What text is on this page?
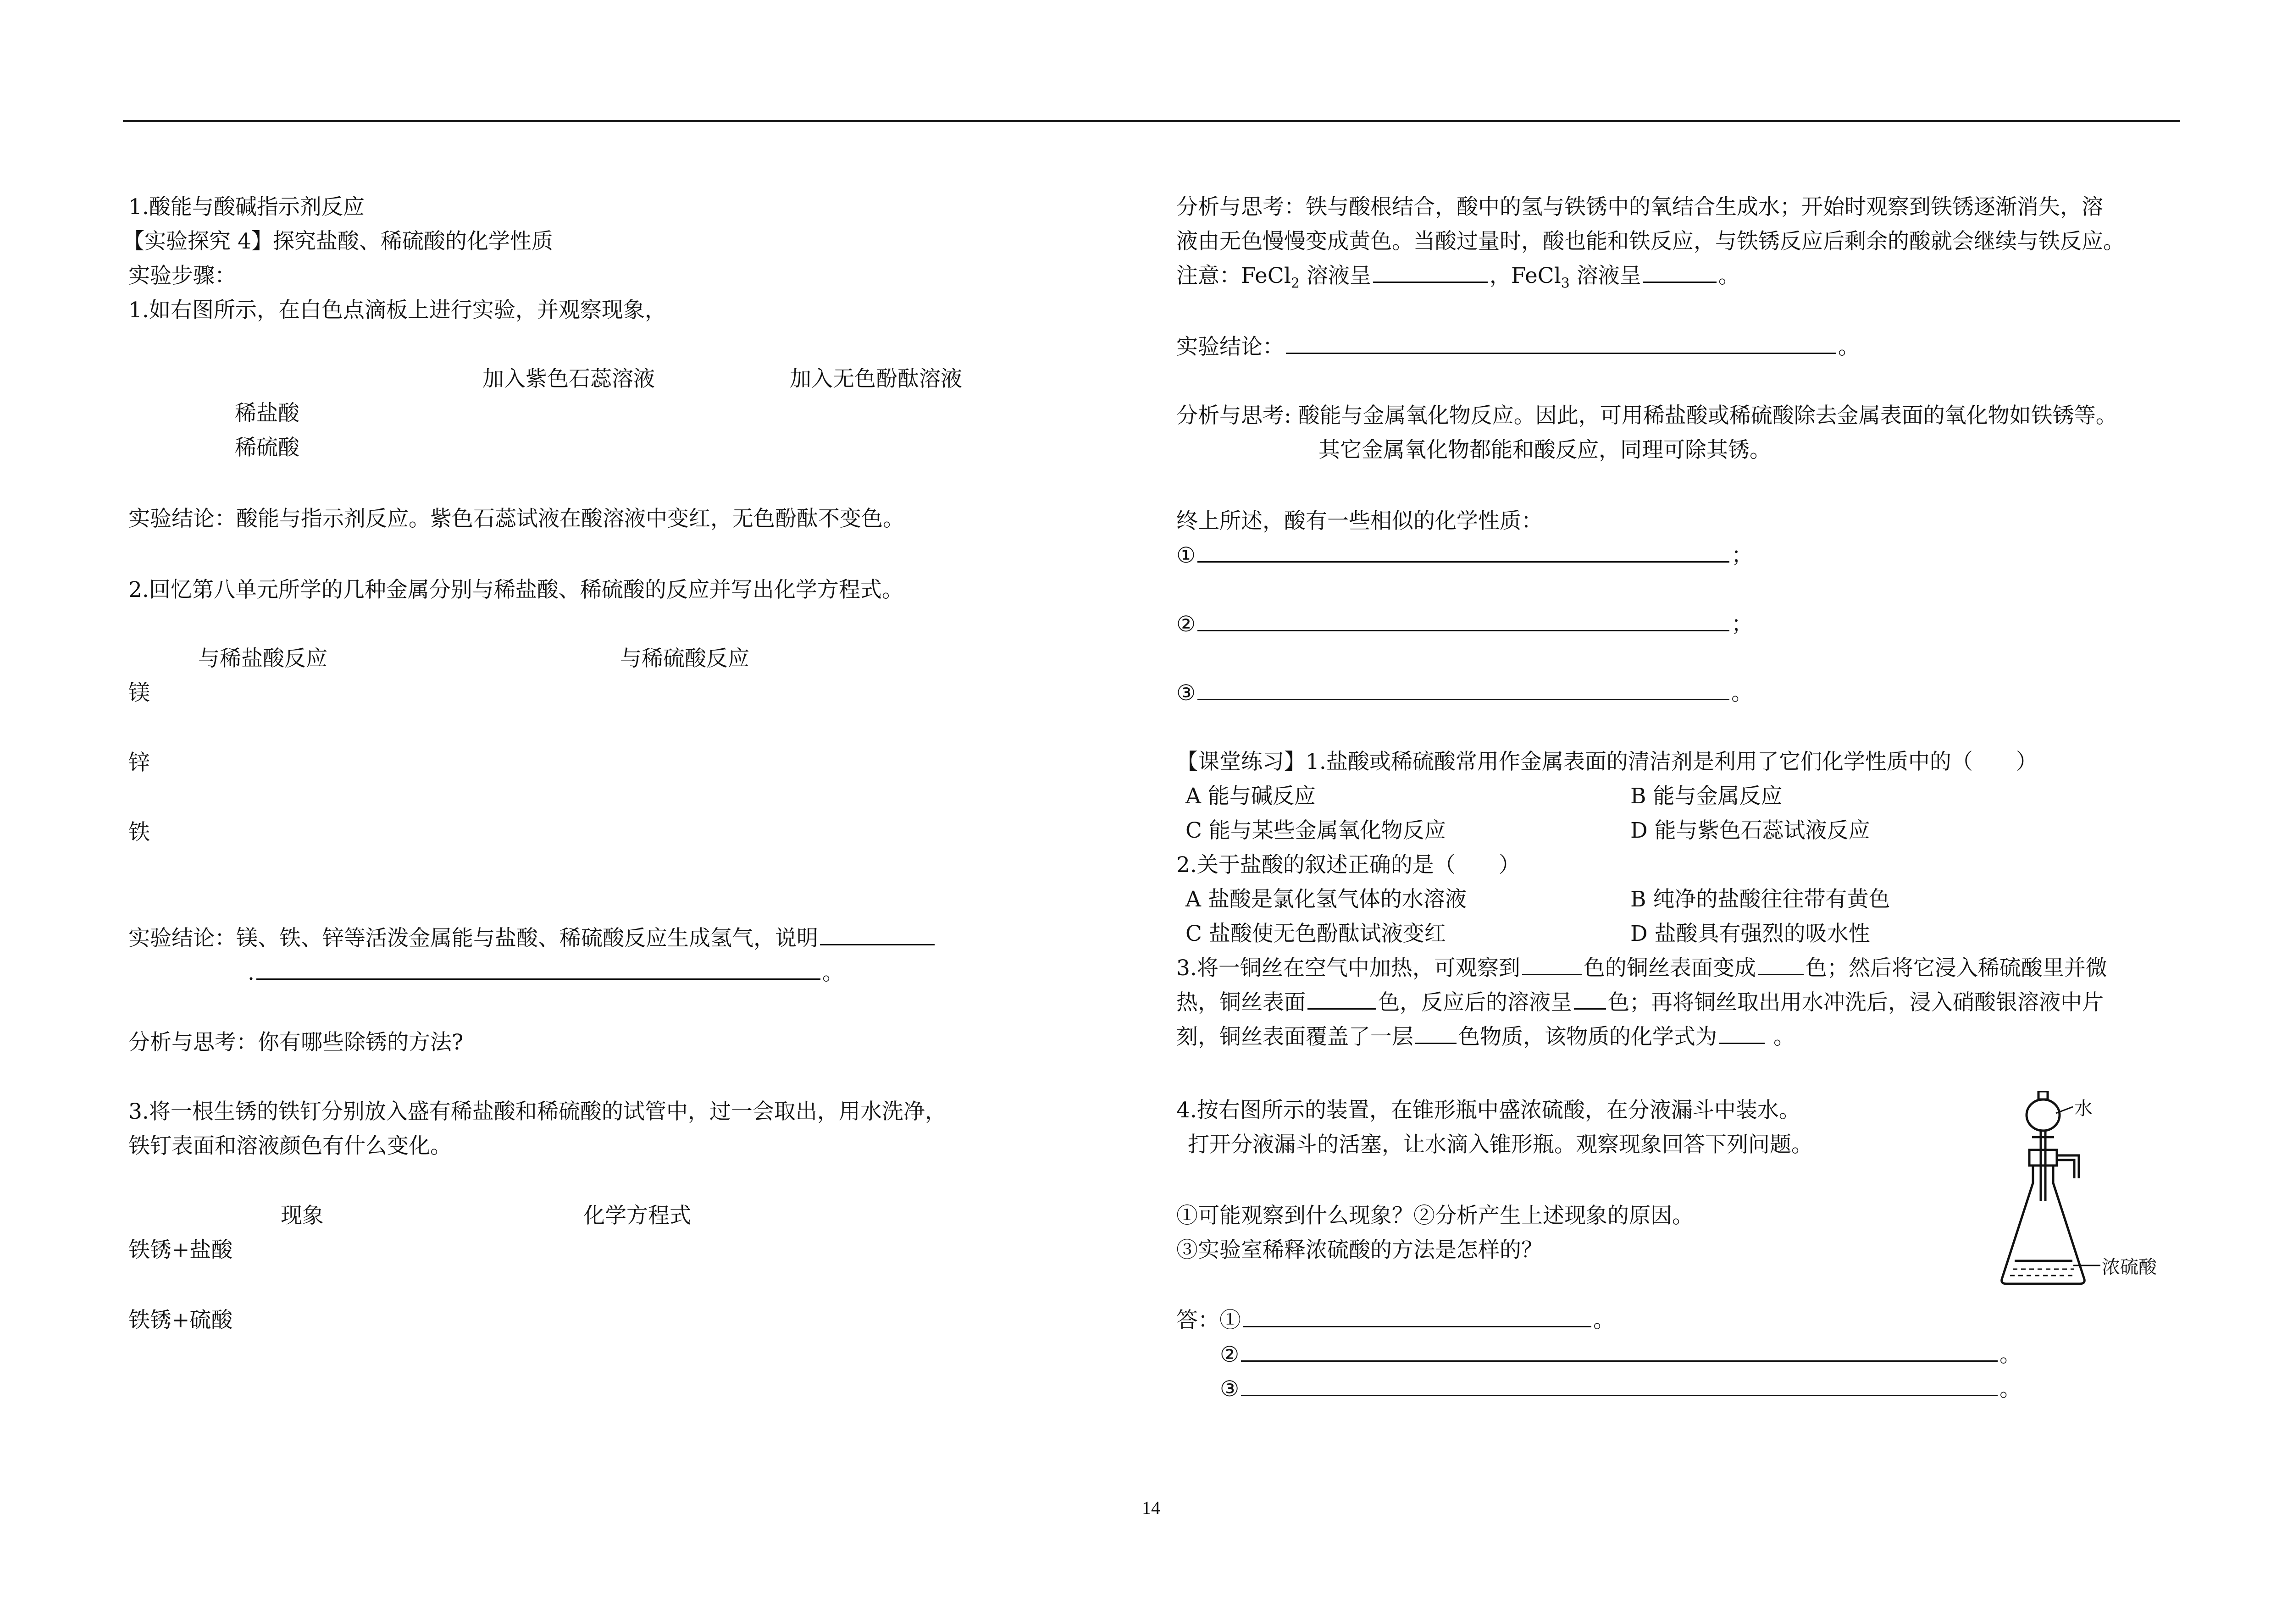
1.酸能与酸碱指示剂反应
【实验探究 4】探究盐酸、稀硫酸的化学性质
实验步骤：
1.如右图所示，在白色点滴板上进行实验，并观察现象，
加入紫色石蕊溶液	加入无色酚酞溶液
稀盐酸
稀硫酸
实验结论：酸能与指示剂反应。紫色石蕊试液在酸溶液中变红，无色酚酞不变色。
2.回忆第八单元所学的几种金属分别与稀盐酸、稀硫酸的反应并写出化学方程式。
与稀盐酸反应	与稀硫酸反应
镁
锌
铁
实验结论：镁、铁、锌等活泼金属能与盐酸、稀硫酸反应生成氢气，说明
.	。
分析与思考：你有哪些除锈的方法?
3.将一根生锈的铁钉分别放入盛有稀盐酸和稀硫酸的试管中，过一会取出，用水洗净，
铁钉表面和溶液颜色有什么变化。
现象	化学方程式
铁锈+盐酸
铁锈+硫酸
分析与思考：铁与酸根结合，酸中的氢与铁锈中的氧结合生成水；开始时观察到铁锈逐渐消失，溶
液由无色慢慢变成黄色。当酸过量时，酸也能和铁反应，与铁锈反应后剩余的酸就会继续与铁反应。
注意：FeCl$_2$ 溶液呈	，FeCl$_3$ 溶液呈	。
实验结论：	。
分析与思考: 酸能与金属氧化物反应。因此，可用稀盐酸或稀硫酸除去金属表面的氧化物如铁锈等。
其它金属氧化物都能和酸反应，同理可除其锈。
终上所述，酸有一些相似的化学性质：
①	；
②	；
③	。
【课堂练习】1.盐酸或稀硫酸常用作金属表面的清洁剂是利用了它们化学性质中的（　　）
A 能与碱反应	B 能与金属反应
C 能与某些金属氧化物反应	D 能与紫色石蕊试液反应
2.关于盐酸的叙述正确的是（　　）
A 盐酸是氯化氢气体的水溶液	B 纯净的盐酸往往带有黄色
C 盐酸使无色酚酞试液变红	D 盐酸具有强烈的吸水性
3.将一铜丝在空气中加热，可观察到	色的铜丝表面变成 色；然后将它浸入稀硫酸里并微
热，铜丝表面	色，反应后的溶液呈 色；再将铜丝取出用水冲洗后，浸入硝酸银溶液中片
刻，铜丝表面覆盖了一层 色物质，该物质的化学式为 。
4.按右图所示的装置，在锥形瓶中盛浓硫酸，在分液漏斗中装水。
打开分液漏斗的活塞，让水滴入锥形瓶。观察现象回答下列问题。
①可能观察到什么现象？②分析产生上述现象的原因。
③实验室稀释浓硫酸的方法是怎样的？
答：①	。
②	。
③	。
水
浓硫酸
14
